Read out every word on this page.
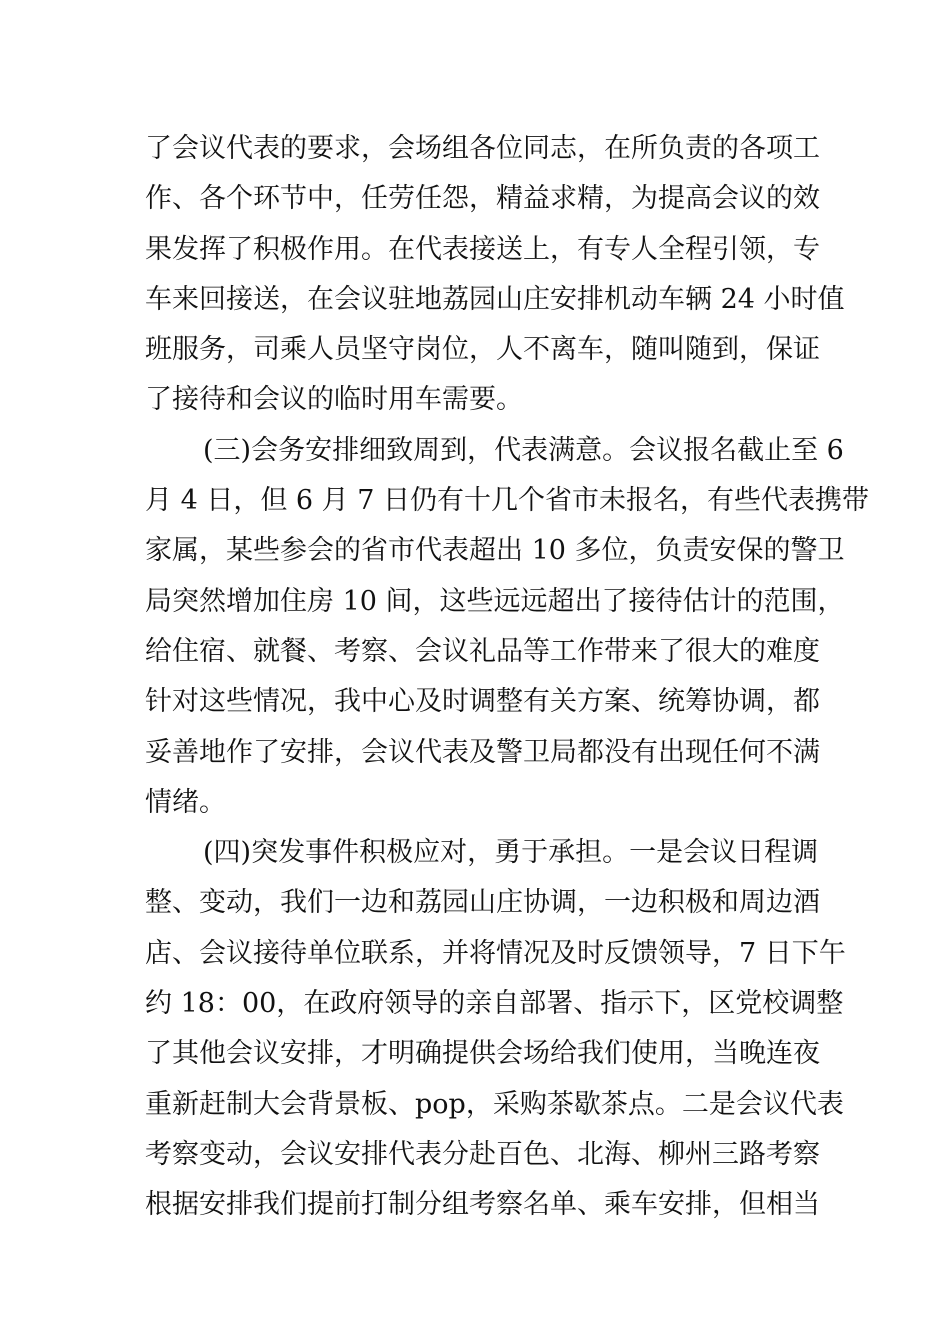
了会议代表的要求，会场组各位同志，在所负责的各项工
作、各个环节中，任劳任怨，精益求精，为提高会议的效
果发挥了积极作用。在代表接送上，有专人全程引领，专
车来回接送，在会议驻地荔园山庄安排机动车辆 24 小时值
班服务，司乘人员坚守岗位，人不离车，随叫随到，保证
了接待和会议的临时用车需要。
(三)会务安排细致周到，代表满意。会议报名截止至 6
月 4 日，但 6 月 7 日仍有十几个省市未报名，有些代表携带
家属，某些参会的省市代表超出 10 多位，负责安保的警卫
局突然增加住房 10 间，这些远远超出了接待估计的范围，
给住宿、就餐、考察、会议礼品等工作带来了很大的难度
针对这些情况，我中心及时调整有关方案、统筹协调，都
妥善地作了安排，会议代表及警卫局都没有出现任何不满
情绪。
(四)突发事件积极应对，勇于承担。一是会议日程调
整、变动，我们一边和荔园山庄协调，一边积极和周边酒
店、会议接待单位联系，并将情况及时反馈领导，7 日下午
约 18：00，在政府领导的亲自部署、指示下，区党校调整
了其他会议安排，才明确提供会场给我们使用，当晚连夜
重新赶制大会背景板、pop，采购茶歇茶点。二是会议代表
考察变动，会议安排代表分赴百色、北海、柳州三路考察
根据安排我们提前打制分组考察名单、乘车安排，但相当
